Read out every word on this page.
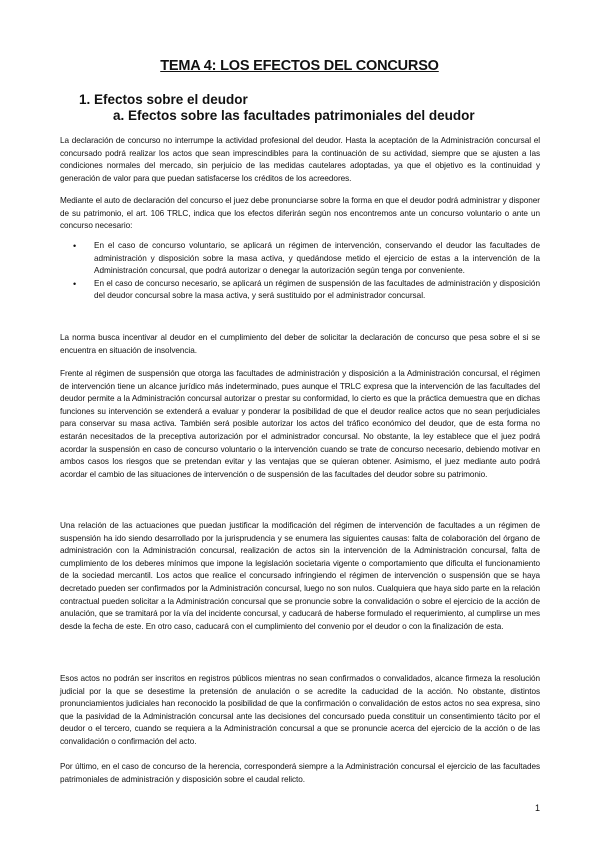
TEMA 4: LOS EFECTOS DEL CONCURSO
1. Efectos sobre el deudor
a. Efectos sobre las facultades patrimoniales del deudor
La declaración de concurso no interrumpe la actividad profesional del deudor. Hasta la aceptación de la Administración concursal el concursado podrá realizar los actos que sean imprescindibles para la continuación de su actividad, siempre que se ajusten a las condiciones normales del mercado, sin perjuicio de las medidas cautelares adoptadas, ya que el objetivo es la continuidad y generación de valor para que puedan satisfacerse los créditos de los acreedores.
Mediante el auto de declaración del concurso el juez debe pronunciarse sobre la forma en que el deudor podrá administrar y disponer de su patrimonio, el art. 106 TRLC, indica que los efectos diferirán según nos encontremos ante un concurso voluntario o ante un concurso necesario:
• En el caso de concurso voluntario, se aplicará un régimen de intervención, conservando el deudor las facultades de administración y disposición sobre la masa activa, y quedándose metido el ejercicio de estas a la intervención de la Administración concursal, que podrá autorizar o denegar la autorización según tenga por conveniente.
• En el caso de concurso necesario, se aplicará un régimen de suspensión de las facultades de administración y disposición del deudor concursal sobre la masa activa, y será sustituido por el administrador concursal.
La norma busca incentivar al deudor en el cumplimiento del deber de solicitar la declaración de concurso que pesa sobre el si se encuentra en situación de insolvencia.
Frente al régimen de suspensión que otorga las facultades de administración y disposición a la Administración concursal, el régimen de intervención tiene un alcance jurídico más indeterminado, pues aunque el TRLC expresa que la intervención de las facultades del deudor permite a la Administración concursal autorizar o prestar su conformidad, lo cierto es que la práctica demuestra que en dichas funciones su intervención se extenderá a evaluar y ponderar la posibilidad de que el deudor realice actos que no sean perjudiciales para conservar su masa activa. También será posible autorizar los actos del tráfico económico del deudor, que de esta forma no estarán necesitados de la preceptiva autorización por el administrador concursal. No obstante, la ley establece que el juez podrá acordar la suspensión en caso de concurso voluntario o la intervención cuando se trate de concurso necesario, debiendo motivar en ambos casos los riesgos que se pretendan evitar y las ventajas que se quieran obtener. Asimismo, el juez mediante auto podrá acordar el cambio de las situaciones de intervención o de suspensión de las facultades del deudor sobre su patrimonio.
Una relación de las actuaciones que puedan justificar la modificación del régimen de intervención de facultades a un régimen de suspensión ha ido siendo desarrollado por la jurisprudencia y se enumera las siguientes causas: falta de colaboración del órgano de administración con la Administración concursal, realización de actos sin la intervención de la Administración concursal, falta de cumplimiento de los deberes mínimos que impone la legislación societaria vigente o comportamiento que dificulta el funcionamiento de la sociedad mercantil. Los actos que realice el concursado infringiendo el régimen de intervención o suspensión que se haya decretado pueden ser confirmados por la Administración concursal, luego no son nulos. Cualquiera que haya sido parte en la relación contractual pueden solicitar a la Administración concursal que se pronuncie sobre la convalidación o sobre el ejercicio de la acción de anulación, que se tramitará por la vía del incidente concursal, y caducará de haberse formulado el requerimiento, al cumplirse un mes desde la fecha de este. En otro caso, caducará con el cumplimiento del convenio por el deudor o con la finalización de esta.
Esos actos no podrán ser inscritos en registros públicos mientras no sean confirmados o convalidados, alcance firmeza la resolución judicial por la que se desestime la pretensión de anulación o se acredite la caducidad de la acción. No obstante, distintos pronunciamientos judiciales han reconocido la posibilidad de que la confirmación o convalidación de estos actos no sea expresa, sino que la pasividad de la Administración concursal ante las decisiones del concursado pueda constituir un consentimiento tácito por el deudor o el tercero, cuando se requiera a la Administración concursal a que se pronuncie acerca del ejercicio de la acción o de las convalidación o confirmación del acto.
Por último, en el caso de concurso de la herencia, corresponderá siempre a la Administración concursal el ejercicio de las facultades patrimoniales de administración y disposición sobre el caudal relicto.
1
